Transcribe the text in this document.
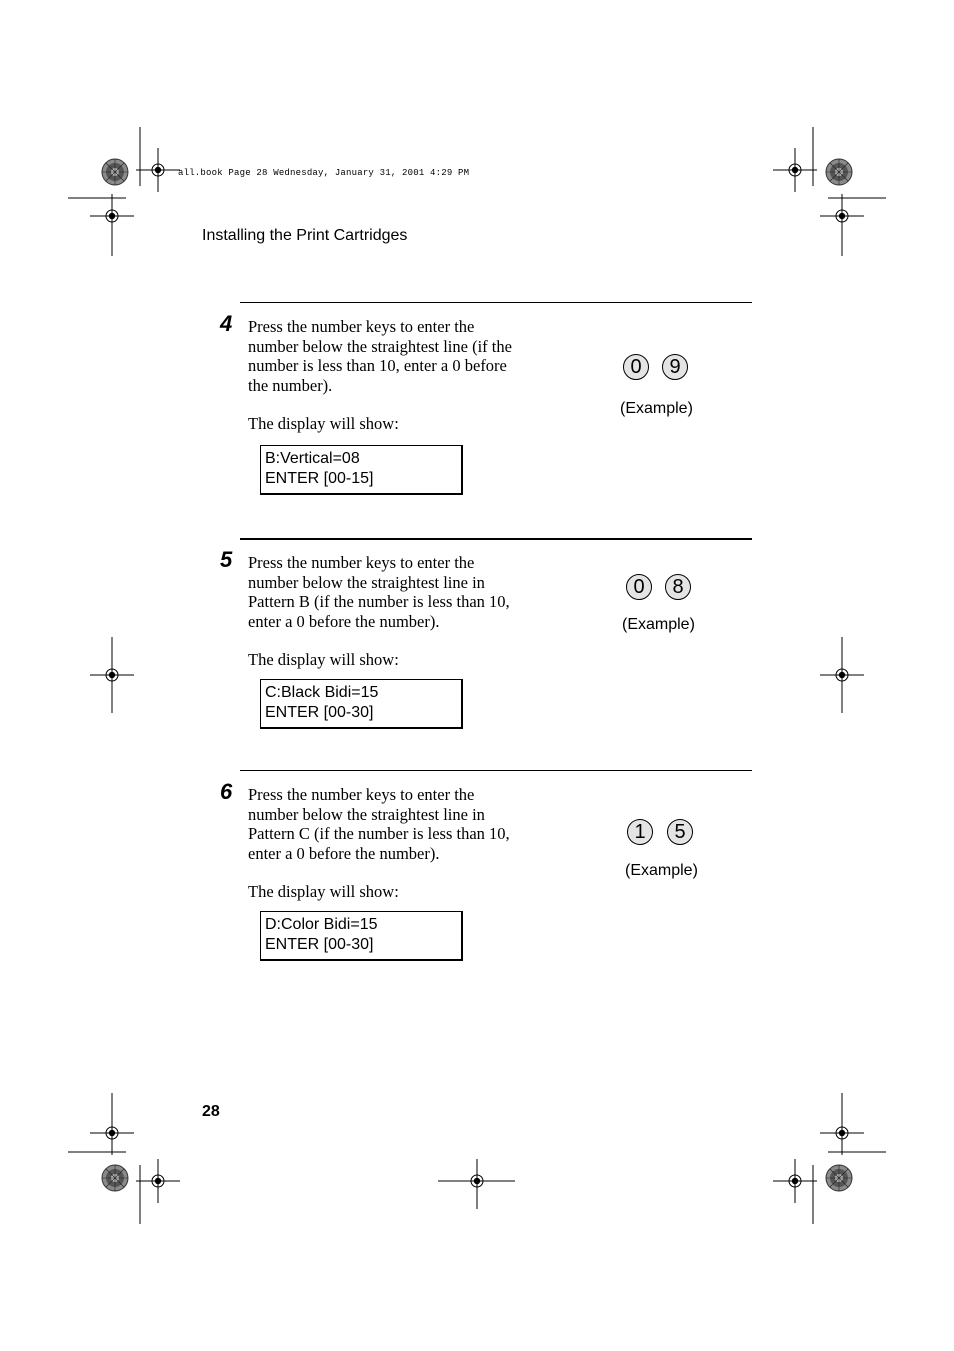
all.book Page 28 Wednesday, January 31, 2001 4:29 PM
Installing the Print Cartridges
4 Press the number keys to enter the number below the straightest line (if the number is less than 10, enter a 0 before the number).
The display will show:
B:Vertical=08
ENTER [00-15]
0	9
(Example)
5 Press the number keys to enter the number below the straightest line in Pattern B (if the number is less than 10, enter a 0 before the number).
The display will show:
C:Black Bidi=15
ENTER [00-30]
0	8
(Example)
6 Press the number keys to enter the number below the straightest line in Pattern C (if the number is less than 10, enter a 0 before the number).
The display will show:
D:Color Bidi=15
ENTER [00-30]
1	5
(Example)
28
